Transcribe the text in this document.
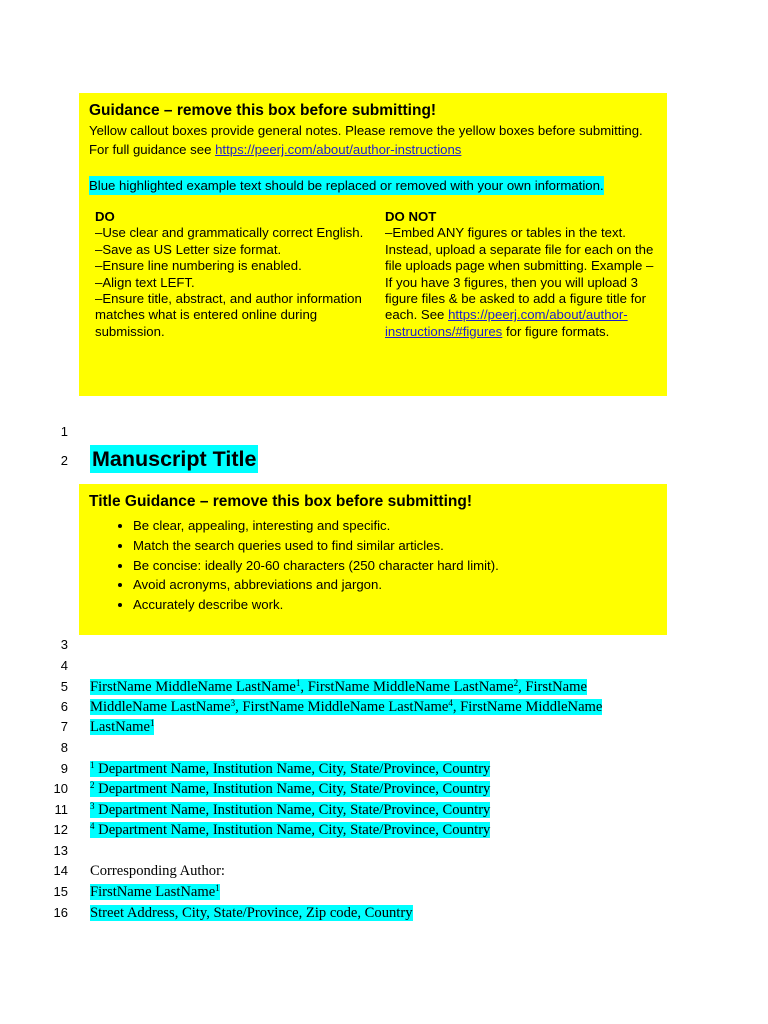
Guidance – remove this box before submitting!
Yellow callout boxes provide general notes. Please remove the yellow boxes before submitting. For full guidance see https://peerj.com/about/author-instructions
Blue highlighted example text should be replaced or removed with your own information.
DO
–Use clear and grammatically correct English.
–Save as US Letter size format.
–Ensure line numbering is enabled.
–Align text LEFT.
–Ensure title, abstract, and author information matches what is entered online during submission.
DO NOT
–Embed ANY figures or tables in the text. Instead, upload a separate file for each on the file uploads page when submitting. Example – If you have 3 figures, then you will upload 3 figure files & be asked to add a figure title for each. See https://peerj.com/about/author-instructions/#figures for figure formats.
1
2
3
4
5
6
7
8
9
10
11
12
13
14
15
16
Manuscript Title
Title Guidance – remove this box before submitting!
• Be clear, appealing, interesting and specific.
• Match the search queries used to find similar articles.
• Be concise: ideally 20-60 characters (250 character hard limit).
• Avoid acronyms, abbreviations and jargon.
• Accurately describe work.
FirstName MiddleName LastName$^1$, FirstName MiddleName LastName$^2$, FirstName
MiddleName LastName$^3$, FirstName MiddleName LastName$^4$, FirstName MiddleName
LastName$^1$
$^1$ Department Name, Institution Name, City, State/Province, Country
$^2$ Department Name, Institution Name, City, State/Province, Country
$^3$ Department Name, Institution Name, City, State/Province, Country
$^4$ Department Name, Institution Name, City, State/Province, Country
Corresponding Author:
FirstName LastName$^1$
Street Address, City, State/Province, Zip code, Country
